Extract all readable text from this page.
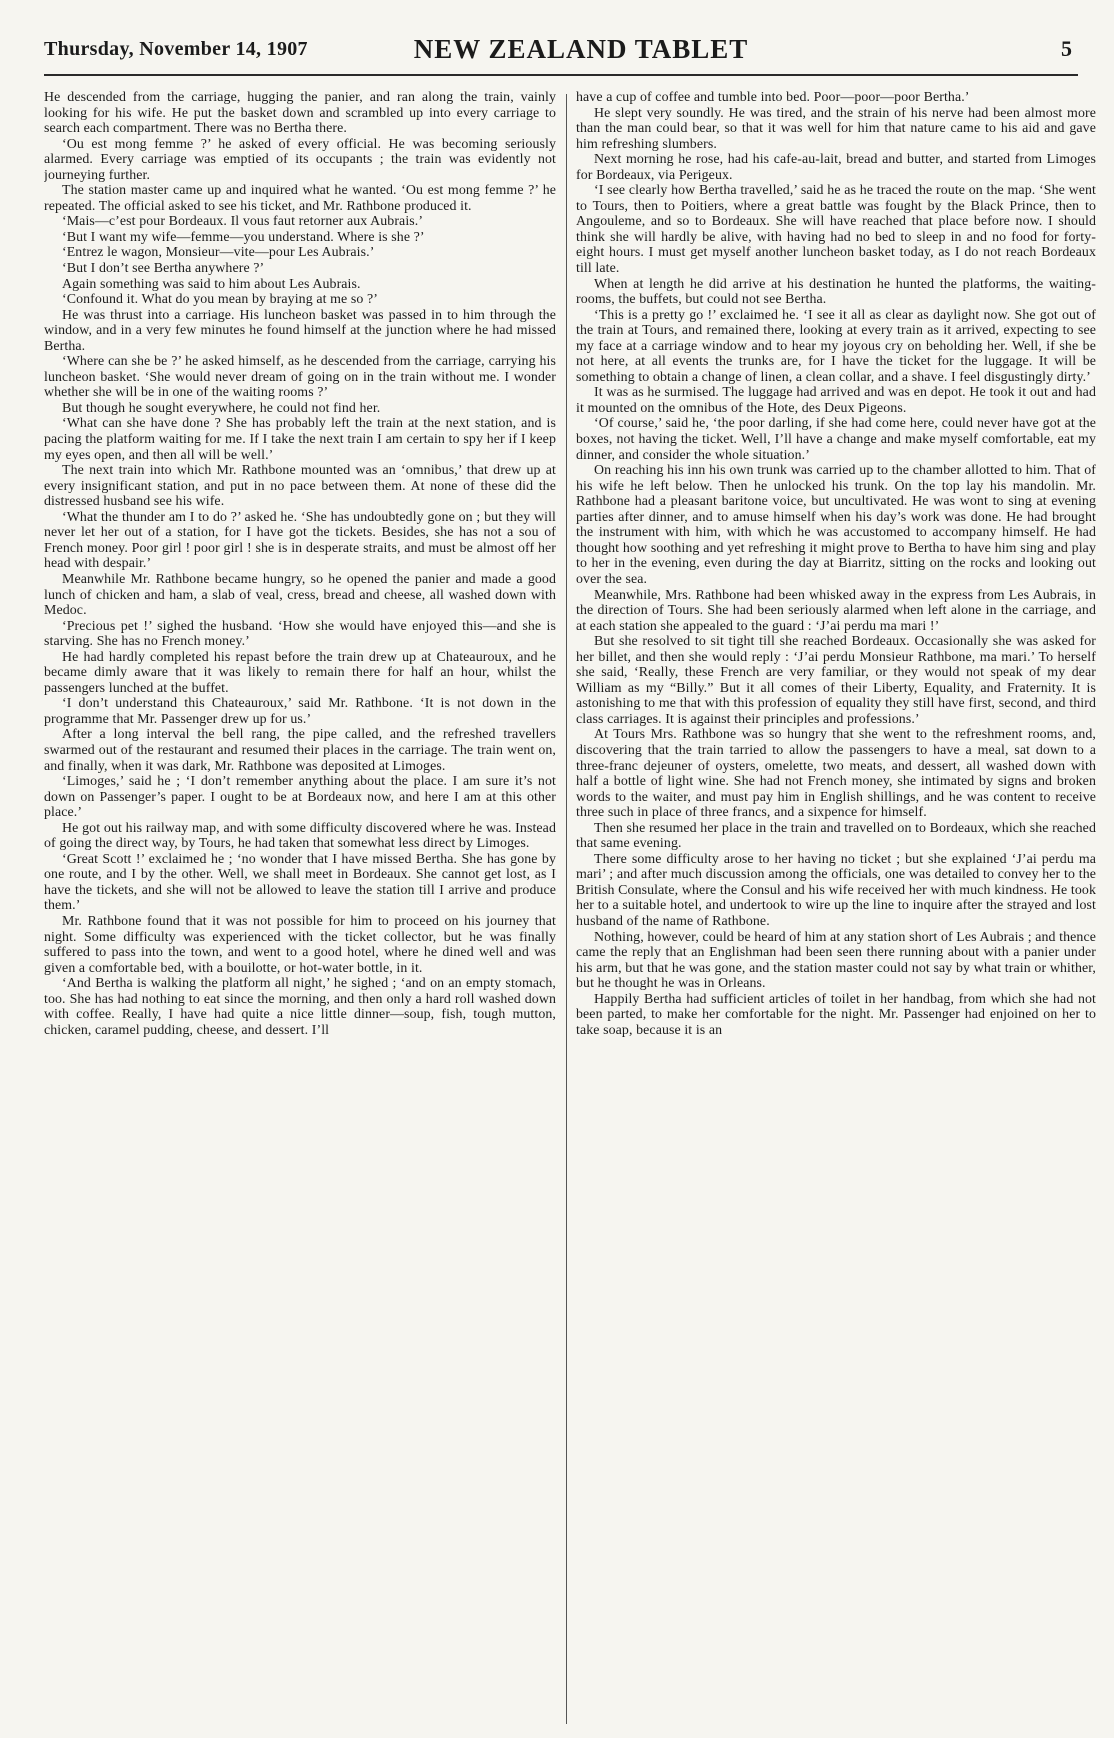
Thursday, November 14, 1907	NEW ZEALAND TABLET	5

He descended from the carriage, hugging the panier, and ran along the train, vainly looking for his wife. He put the basket down and scrambled up into every carriage to search each compartment. There was no Bertha there.

‘Ou est mong femme ?’ he asked of every official. He was becoming seriously alarmed. Every carriage was emptied of its occupants ; the train was evidently not journeying further.

The station master came up and inquired what he wanted. ‘Ou est mong femme ?’ he repeated. The official asked to see his ticket, and Mr. Rathbone produced it.

‘Mais—c’est pour Bordeaux. Il vous faut retorner aux Aubrais.’

‘But I want my wife—femme—you understand. Where is she ?’

‘Entrez le wagon, Monsieur—vite—pour Les Aubrais.’

‘But I don’t see Bertha anywhere ?’

Again something was said to him about Les Aubrais.

‘Confound it. What do you mean by braying at me so ?’

He was thrust into a carriage. His luncheon basket was passed in to him through the window, and in a very few minutes he found himself at the junction where he had missed Bertha.

‘Where can she be ?’ he asked himself, as he descended from the carriage, carrying his luncheon basket. ‘She would never dream of going on in the train without me. I wonder whether she will be in one of the waiting rooms ?’

But though he sought everywhere, he could not find her.

‘What can she have done ? She has probably left the train at the next station, and is pacing the platform waiting for me. If I take the next train I am certain to spy her if I keep my eyes open, and then all will be well.’

The next train into which Mr. Rathbone mounted was an ‘omnibus,’ that drew up at every insignificant station, and put in no pace between them. At none of these did the distressed husband see his wife.

‘What the thunder am I to do ?’ asked he. ‘She has undoubtedly gone on ; but they will never let her out of a station, for I have got the tickets. Besides, she has not a sou of French money. Poor girl ! poor girl ! she is in desperate straits, and must be almost off her head with despair.’

Meanwhile Mr. Rathbone became hungry, so he opened the panier and made a good lunch of chicken and ham, a slab of veal, cress, bread and cheese, all washed down with Medoc.

‘Precious pet !’ sighed the husband. ‘How she would have enjoyed this—and she is starving. She has no French money.’

He had hardly completed his repast before the train drew up at Chateauroux, and he became dimly aware that it was likely to remain there for half an hour, whilst the passengers lunched at the buffet.

‘I don’t understand this Chateauroux,’ said Mr. Rathbone. ‘It is not down in the programme that Mr. Passenger drew up for us.’

After a long interval the bell rang, the pipe called, and the refreshed travellers swarmed out of the restaurant and resumed their places in the carriage. The train went on, and finally, when it was dark, Mr. Rathbone was deposited at Limoges.

‘Limoges,’ said he ; ‘I don’t remember anything about the place. I am sure it’s not down on Passenger’s paper. I ought to be at Bordeaux now, and here I am at this other place.’

He got out his railway map, and with some difficulty discovered where he was. Instead of going the direct way, by Tours, he had taken that somewhat less direct by Limoges.

‘Great Scott !’ exclaimed he ; ‘no wonder that I have missed Bertha. She has gone by one route, and I by the other. Well, we shall meet in Bordeaux. She cannot get lost, as I have the tickets, and she will not be allowed to leave the station till I arrive and produce them.’

Mr. Rathbone found that it was not possible for him to proceed on his journey that night. Some difficulty was experienced with the ticket collector, but he was finally suffered to pass into the town, and went to a good hotel, where he dined well and was given a comfortable bed, with a bouilotte, or hot-water bottle, in it.

‘And Bertha is walking the platform all night,’ he sighed ; ‘and on an empty stomach, too. She has had nothing to eat since the morning, and then only a hard roll washed down with coffee. Really, I have had quite a nice little dinner—soup, fish, tough mutton, chicken, caramel pudding, cheese, and dessert. I’ll

have a cup of coffee and tumble into bed. Poor—poor—poor Bertha.’

He slept very soundly. He was tired, and the strain of his nerve had been almost more than the man could bear, so that it was well for him that nature came to his aid and gave him refreshing slumbers.

Next morning he rose, had his cafe-au-lait, bread and butter, and started from Limoges for Bordeaux, via Perigeux.

‘I see clearly how Bertha travelled,’ said he as he traced the route on the map. ‘She went to Tours, then to Poitiers, where a great battle was fought by the Black Prince, then to Angouleme, and so to Bordeaux. She will have reached that place before now. I should think she will hardly be alive, with having had no bed to sleep in and no food for forty-eight hours. I must get myself another luncheon basket today, as I do not reach Bordeaux till late.

When at length he did arrive at his destination he hunted the platforms, the waiting-rooms, the buffets, but could not see Bertha.

‘This is a pretty go !’ exclaimed he. ‘I see it all as clear as daylight now. She got out of the train at Tours, and remained there, looking at every train as it arrived, expecting to see my face at a carriage window and to hear my joyous cry on beholding her. Well, if she be not here, at all events the trunks are, for I have the ticket for the luggage. It will be something to obtain a change of linen, a clean collar, and a shave. I feel disgustingly dirty.’

It was as he surmised. The luggage had arrived and was en depot. He took it out and had it mounted on the omnibus of the Hote, des Deux Pigeons.

‘Of course,’ said he, ‘the poor darling, if she had come here, could never have got at the boxes, not having the ticket. Well, I’ll have a change and make myself comfortable, eat my dinner, and consider the whole situation.’

On reaching his inn his own trunk was carried up to the chamber allotted to him. That of his wife he left below. Then he unlocked his trunk. On the top lay his mandolin. Mr. Rathbone had a pleasant baritone voice, but uncultivated. He was wont to sing at evening parties after dinner, and to amuse himself when his day’s work was done. He had brought the instrument with him, with which he was accustomed to accompany himself. He had thought how soothing and yet refreshing it might prove to Bertha to have him sing and play to her in the evening, even during the day at Biarritz, sitting on the rocks and looking out over the sea.

Meanwhile, Mrs. Rathbone had been whisked away in the express from Les Aubrais, in the direction of Tours. She had been seriously alarmed when left alone in the carriage, and at each station she appealed to the guard : ‘J’ai perdu ma mari !’

But she resolved to sit tight till she reached Bordeaux. Occasionally she was asked for her billet, and then she would reply : ‘J’ai perdu Monsieur Rathbone, ma mari.’ To herself she said, ‘Really, these French are very familiar, or they would not speak of my dear William as my “Billy.” But it all comes of their Liberty, Equality, and Fraternity. It is astonishing to me that with this profession of equality they still have first, second, and third class carriages. It is against their principles and professions.’

At Tours Mrs. Rathbone was so hungry that she went to the refreshment rooms, and, discovering that the train tarried to allow the passengers to have a meal, sat down to a three-franc dejeuner of oysters, omelette, two meats, and dessert, all washed down with half a bottle of light wine. She had not French money, she intimated by signs and broken words to the waiter, and must pay him in English shillings, and he was content to receive three such in place of three francs, and a sixpence for himself.

Then she resumed her place in the train and travelled on to Bordeaux, which she reached that same evening.

There some difficulty arose to her having no ticket ; but she explained ‘J’ai perdu ma mari’ ; and after much discussion among the officials, one was detailed to convey her to the British Consulate, where the Consul and his wife received her with much kindness. He took her to a suitable hotel, and undertook to wire up the line to inquire after the strayed and lost husband of the name of Rathbone.

Nothing, however, could be heard of him at any station short of Les Aubrais ; and thence came the reply that an Englishman had been seen there running about with a panier under his arm, but that he was gone, and the station master could not say by what train or whither, but he thought he was in Orleans.

Happily Bertha had sufficient articles of toilet in her handbag, from which she had not been parted, to make her comfortable for the night. Mr. Passenger had enjoined on her to take soap, because it is an
